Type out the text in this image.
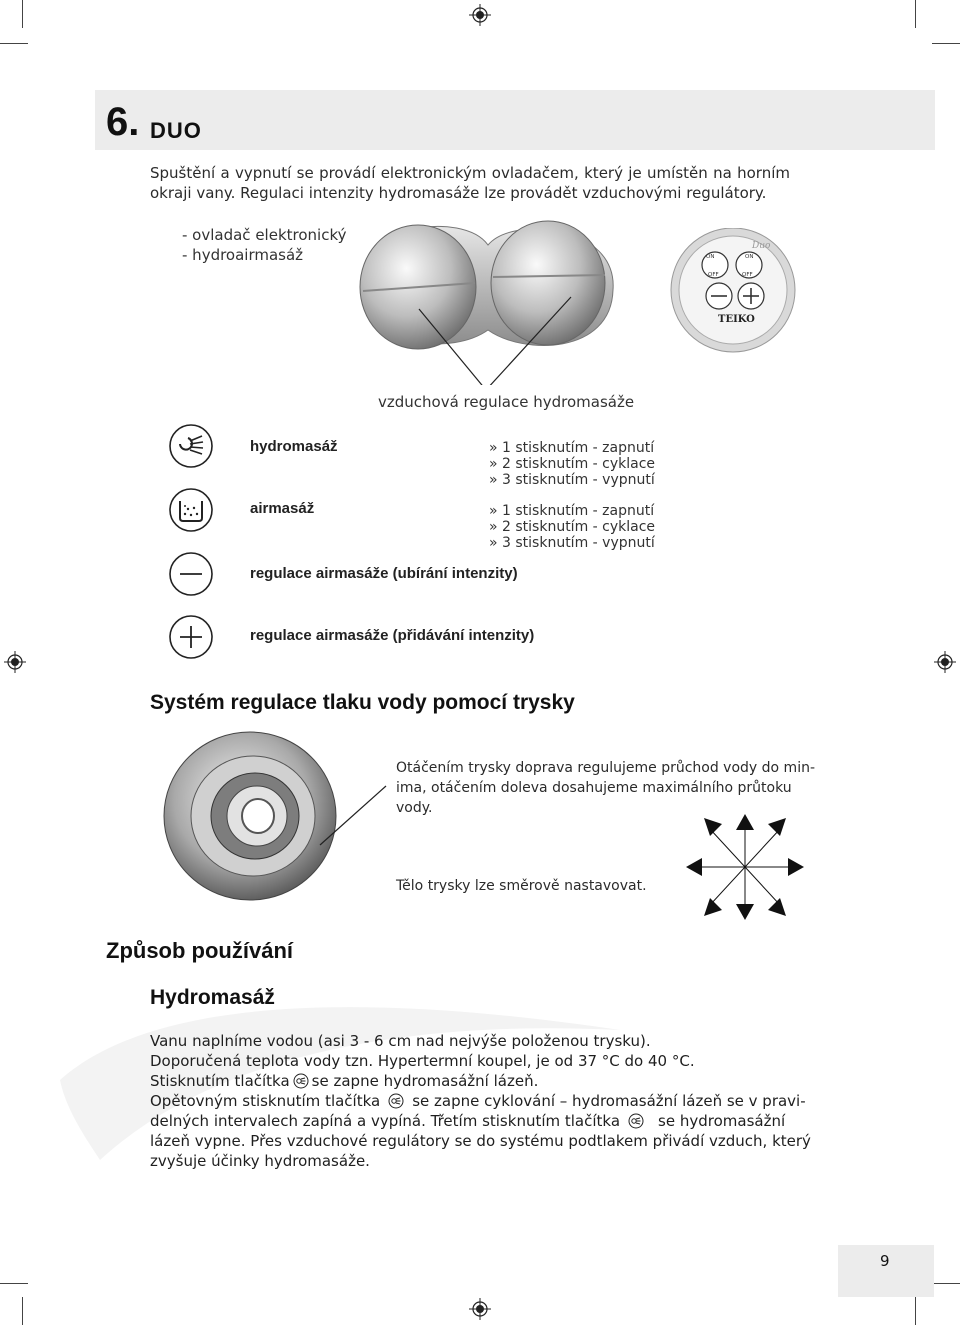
6. DUO
Spuštění a vypnutí se provádí elektronickým ovladačem, který je umístěn na horním okraji vany. Regulaci intenzity hydromasáže lze provádět vzduchovými regulátory.
- ovladač elektronický
- hydroairmasáž	Duo
ON
OFF
ON
OFF
TEIKO
vzduchová regulace hydromasáže
hydromasáž	» 1 stisknutím - zapnutí
» 2 stisknutím - cyklace
» 3 stisknutím - vypnutí
airmasáž	» 1 stisknutím - zapnutí
» 2 stisknutím - cyklace
» 3 stisknutím - vypnutí
regulace airmasáže (ubírání intenzity)
regulace airmasáže (přidávání intenzity)
Systém regulace tlaku vody pomocí trysky
Otáčením trysky doprava regulujeme průchod vody do min-
ima, otáčením doleva dosahujeme maximálního průtoku
vody.
Tělo trysky lze směrově nastavovat.
Způsob používání
Hydromasáž
Vanu naplníme vodou (asi 3 - 6 cm nad nejvýše položenou trysku).
Doporučená teplota vody tzn. Hypertermní koupel, je od 37 °C do 40 °C.
Stisknutím tlačítka se zapne hydromasážní lázeň.
Opětovným stisknutím tlačítka se zapne cyklování – hydromasážní lázeň se v pravi-
delných intervalech zapíná a vypíná. Třetím stisknutím tlačítka	se hydromasážní
lázeň vypne. Přes vzduchové regulátory se do systému podtlakem přivádí vzduch, který
zvyšuje účinky hydromasáže.
9
